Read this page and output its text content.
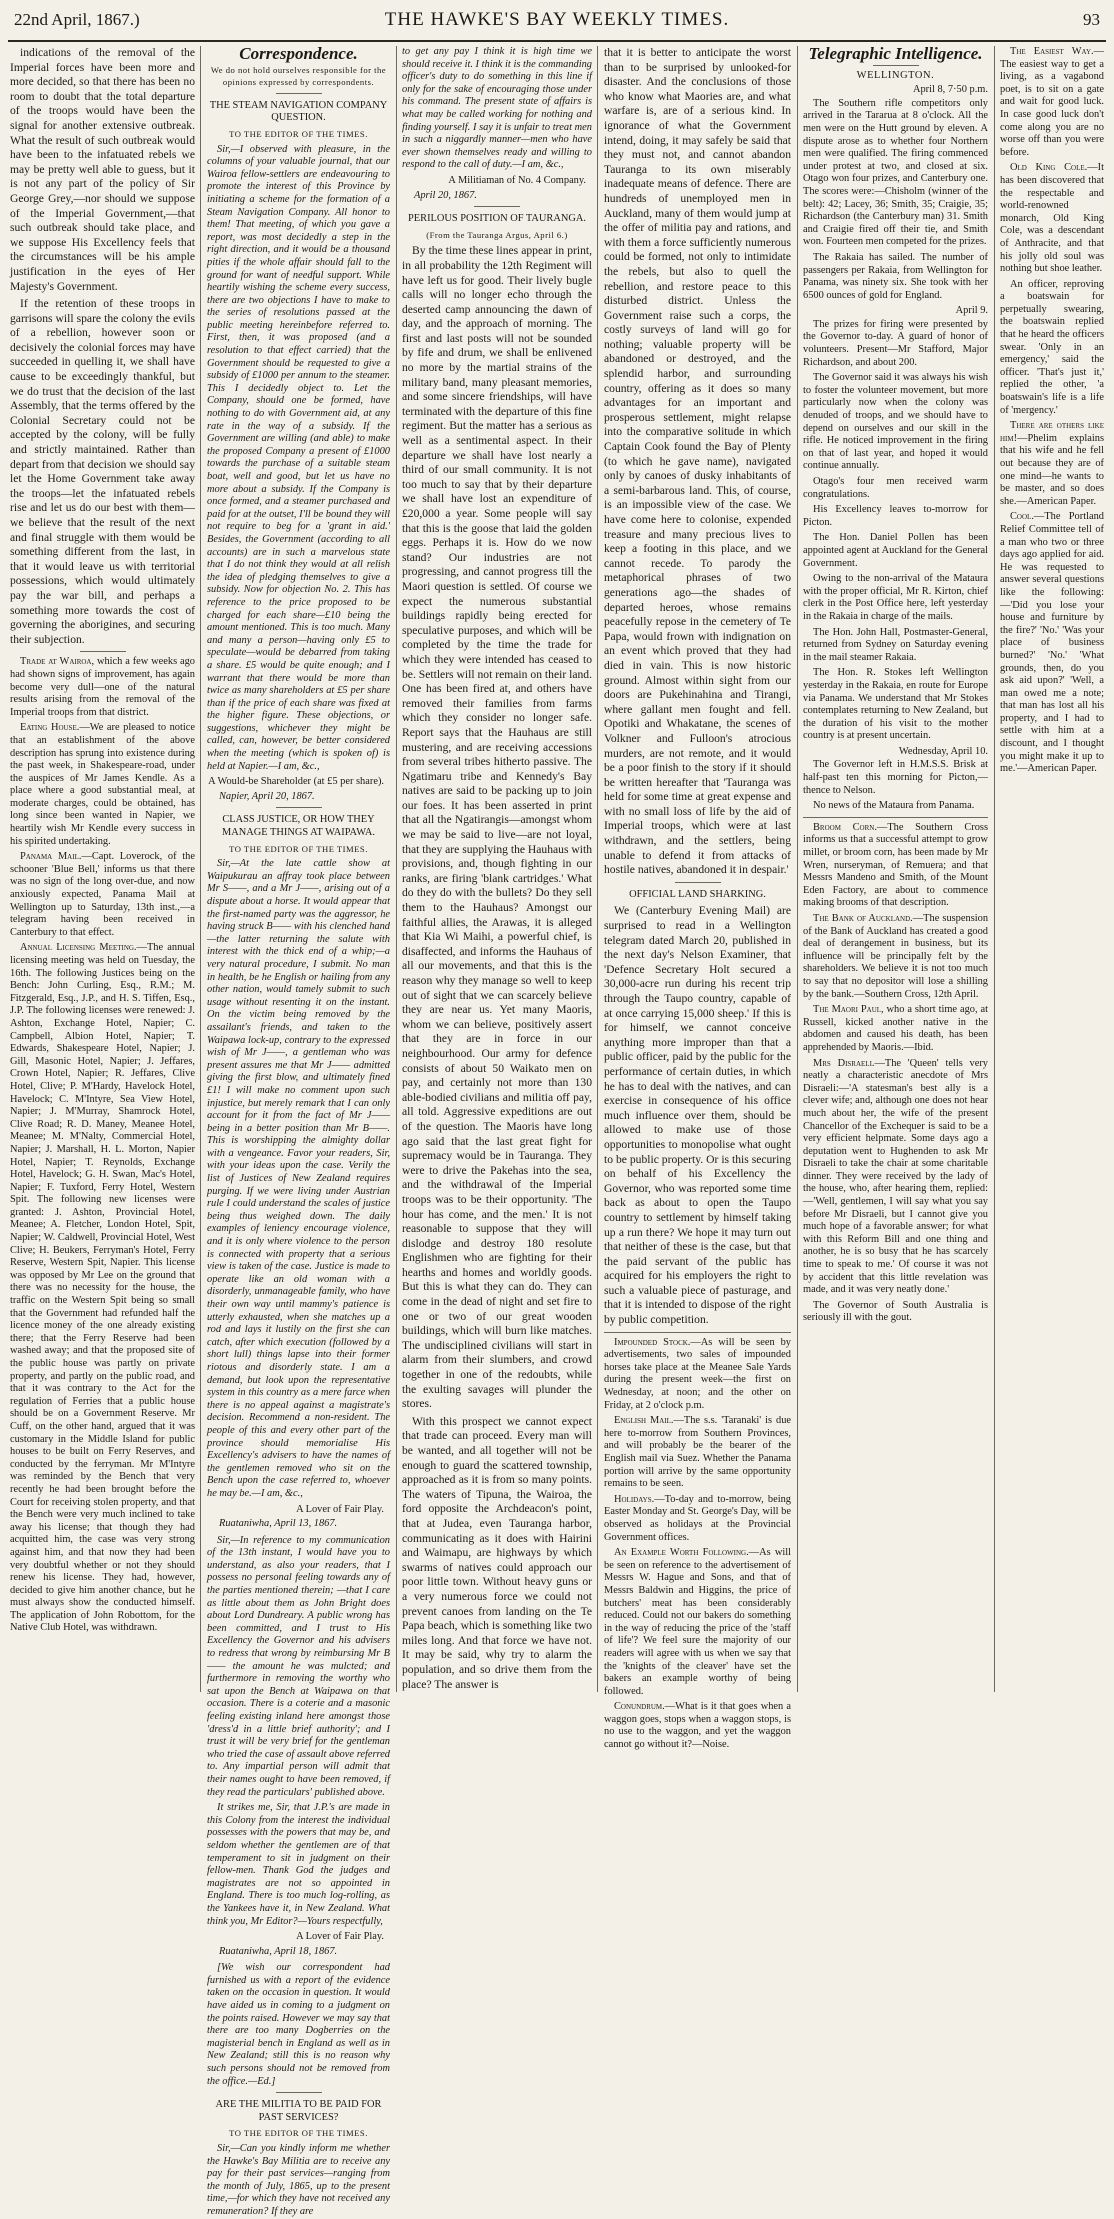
22nd April, 1867.)	THE HAWKE'S BAY WEEKLY TIMES.	93

indications of the removal of the Imperial forces have been more and more decided, so that there has been no room to doubt that the total departure of the troops would have been the signal for another extensive outbreak. What the result of such outbreak would have been to the infatuated rebels we may be pretty well able to guess, but it is not any part of the policy of Sir George Grey,—nor should we suppose of the Imperial Government,—that such outbreak should take place, and we suppose His Excellency feels that the circumstances will be his ample justification in the eyes of Her Majesty's Government.

If the retention of these troops in garrisons will spare the colony the evils of a rebellion, however soon or decisively the colonial forces may have succeeded in quelling it, we shall have cause to be exceedingly thankful, but we do trust that the decision of the last Assembly, that the terms offered by the Colonial Secretary could not be accepted by the colony, will be fully and strictly maintained. Rather than depart from that decision we should say let the Home Government take away the troops—let the infatuated rebels rise and let us do our best with them—we believe that the result of the next and final struggle with them would be something different from the last, in that it would leave us with territorial possessions, which would ultimately pay the war bill, and perhaps a something more towards the cost of governing the aborigines, and securing their subjection.

Trade at Wairoa, which a few weeks ago had shown signs of improvement, has again become very dull—one of the natural results arising from the removal of the Imperial troops from that district.

Eating House.—We are pleased to notice that an establishment of the above description has sprung into existence during the past week, in Shakespeare-road, under the auspices of Mr James Kendle. As a place where a good substantial meal, at moderate charges, could be obtained, has long since been wanted in Napier, we heartily wish Mr Kendle every success in his spirited undertaking.

Panama Mail.—Capt. Loverock, of the schooner 'Blue Bell,' informs us that there was no sign of the long over-due, and now anxiously expected, Panama Mail at Wellington up to Saturday, 13th inst.,—a telegram having been received in Canterbury to that effect.

Annual Licensing Meeting.—The annual licensing meeting was held on Tuesday, the 16th. The following Justices being on the Bench: John Curling, Esq., R.M.; M. Fitzgerald, Esq., J.P., and H. S. Tiffen, Esq., J.P. The following licenses were renewed: J. Ashton, Exchange Hotel, Napier; C. Campbell, Albion Hotel, Napier; T. Edwards, Shakespeare Hotel, Napier; J. Gill, Masonic Hotel, Napier; J. Jeffares, Crown Hotel, Napier; R. Jeffares, Clive Hotel, Clive; P. M'Hardy, Havelock Hotel, Havelock; C. M'Intyre, Sea View Hotel, Napier; J. M'Murray, Shamrock Hotel, Clive Road; R. D. Maney, Meanee Hotel, Meanee; M. M'Nalty, Commercial Hotel, Napier; J. Marshall, H. L. Morton, Napier Hotel, Napier; T. Reynolds, Exchange Hotel, Havelock; G. H. Swan, Mac's Hotel, Napier; F. Tuxford, Ferry Hotel, Western Spit. The following new licenses were granted: J. Ashton, Provincial Hotel, Meanee; A. Fletcher, London Hotel, Spit, Napier; W. Caldwell, Provincial Hotel, West Clive; H. Beukers, Ferryman's Hotel, Ferry Reserve, Western Spit, Napier. This license was opposed by Mr Lee on the ground that there was no necessity for the house, the traffic on the Western Spit being so small that the Government had refunded half the licence money of the one already existing there; that the Ferry Reserve had been washed away; and that the proposed site of the public house was partly on private property, and partly on the public road, and that it was contrary to the Act for the regulation of Ferries that a public house should be on a Government Reserve. Mr Cuff, on the other hand, argued that it was customary in the Middle Island for public houses to be built on Ferry Reserves, and conducted by the ferryman. Mr M'Intyre was reminded by the Bench that very recently he had been brought before the Court for receiving stolen property, and that the Bench were very much inclined to take away his license; that though they had acquitted him, the case was very strong against him, and that now they had been very doubtful whether or not they should renew his license. They had, however, decided to give him another chance, but he must always show the conducted himself. The application of John Robottom, for the Native Club Hotel, was withdrawn.

Correspondence.

We do not hold ourselves responsible for the opinions expressed by correspondents.

THE STEAM NAVIGATION COMPANY QUESTION.

TO THE EDITOR OF THE TIMES.

Sir,—I observed with pleasure, in the columns of your valuable journal, that our Wairoa fellow-settlers are endeavouring to promote the interest of this Province by initiating a scheme for the formation of a Steam Navigation Company. All honor to them! That meeting, of which you gave a report, was most decidedly a step in the right direction, and it would be a thousand pities if the whole affair should fall to the ground for want of needful support. While heartily wishing the scheme every success, there are two objections I have to make to the series of resolutions passed at the public meeting hereinbefore referred to. First, then, it was proposed (and a resolution to that effect carried) that the Government should be requested to give a subsidy of £1000 per annum to the steamer. This I decidedly object to. Let the Company, should one be formed, have nothing to do with Government aid, at any rate in the way of a subsidy. If the Government are willing (and able) to make the proposed Company a present of £1000 towards the purchase of a suitable steam boat, well and good, but let us have no more about a subsidy. If the Company is once formed, and a steamer purchased and paid for at the outset, I'll be bound they will not require to beg for a 'grant in aid.' Besides, the Government (according to all accounts) are in such a marvelous state that I do not think they would at all relish the idea of pledging themselves to give a subsidy. Now for objection No. 2. This has reference to the price proposed to be charged for each share—£10 being the amount mentioned. This is too much. Many and many a person—having only £5 to speculate—would be debarred from taking a share. £5 would be quite enough; and I warrant that there would be more than twice as many shareholders at £5 per share than if the price of each share was fixed at the higher figure. These objections, or suggestions, whichever they might be called, can, however, be better considered when the meeting (which is spoken of) is held at Napier.—I am, &c.,

A Would-be Shareholder (at £5 per share).

Napier, April 20, 1867.

CLASS JUSTICE, OR HOW THEY MANAGE THINGS AT WAIPAWA.

TO THE EDITOR OF THE TIMES.

Sir,—At the late cattle show at Waipukurau an affray took place between Mr S——, and a Mr J——, arising out of a dispute about a horse. It would appear that the first-named party was the aggressor, he having struck B—— with his clenched hand—the latter returning the salute with interest with the thick end of a whip;—a very natural procedure, I submit. No man in health, be he English or hailing from any other nation, would tamely submit to such usage without resenting it on the instant. On the victim being removed by the assailant's friends, and taken to the Waipawa lock-up, contrary to the expressed wish of Mr J——, a gentleman who was present assures me that Mr J—— admitted giving the first blow, and ultimately fined £1! I will make no comment upon such injustice, but merely remark that I can only account for it from the fact of Mr J—— being in a better position than Mr B——. This is worshipping the almighty dollar with a vengeance. Favor your readers, Sir, with your ideas upon the case. Verily the list of Justices of New Zealand requires purging. If we were living under Austrian rule I could understand the scales of justice being thus weighed down. The daily examples of leniency encourage violence, and it is only where violence to the person is connected with property that a serious view is taken of the case. Justice is made to operate like an old woman with a disorderly, unmanageable family, who have their own way until mammy's patience is utterly exhausted, when she matches up a rod and lays it lustily on the first she can catch, after which execution (followed by a short lull) things lapse into their former riotous and disorderly state. I am a demand, but look upon the representative system in this country as a mere farce when there is no appeal against a magistrate's decision. Recommend a non-resident. The people of this and every other part of the province should memorialise His Excellency's advisers to have the names of the gentlemen removed who sit on the Bench upon the case referred to, whoever he may be.—I am, &c.,

A Lover of Fair Play.

Ruataniwha, April 13, 1867.

Sir,—In reference to my communication of the 13th instant, I would have you to understand, as also your readers, that I possess no personal feeling towards any of the parties mentioned therein; —that I care as little about them as John Bright does about Lord Dundreary. A public wrong has been committed, and I trust to His Excellency the Governor and his advisers to redress that wrong by reimbursing Mr B—— the amount he was mulcted; and furthermore in removing the worthy who sat upon the Bench at Waipawa on that occasion. There is a coterie and a masonic feeling existing inland here amongst those 'dress'd in a little brief authority'; and I trust it will be very brief for the gentleman who tried the case of assault above referred to. Any impartial person will admit that their names ought to have been removed, if they read the particulars' published above.

It strikes me, Sir, that J.P.'s are made in this Colony from the interest the individual possesses with the powers that may be, and seldom whether the gentlemen are of that temperament to sit in judgment on their fellow-men. Thank God the judges and magistrates are not so appointed in England. There is too much log-rolling, as the Yankees have it, in New Zealand. What think you, Mr Editor?—Yours respectfully,

A Lover of Fair Play.

Ruataniwha, April 18, 1867.

[We wish our correspondent had furnished us with a report of the evidence taken on the occasion in question. It would have aided us in coming to a judgment on the points raised. However we may say that there are too many Dogberries on the magisterial bench in England as well as in New Zealand; still this is no reason why such persons should not be removed from the office.—Ed.]

ARE THE MILITIA TO BE PAID FOR PAST SERVICES?

TO THE EDITOR OF THE TIMES.

Sir,—Can you kindly inform me whether the Hawke's Bay Militia are to receive any pay for their past services—ranging from the month of July, 1865, up to the present time,—for which they have not received any remuneration? If they are

to get any pay I think it is high time we should receive it. I think it is the commanding officer's duty to do something in this line if only for the sake of encouraging those under his command. The present state of affairs is what may be called working for nothing and finding yourself. I say it is unfair to treat men in such a niggardly manner—men who have ever shown themselves ready and willing to respond to the call of duty.—I am, &c.,

A Militiaman of No. 4 Company.

April 20, 1867.

PERILOUS POSITION OF TAURANGA.

(From the Tauranga Argus, April 6.)

By the time these lines appear in print, in all probability the 12th Regiment will have left us for good. Their lively bugle calls will no longer echo through the deserted camp announcing the dawn of day, and the approach of morning. The first and last posts will not be sounded by fife and drum, we shall be enlivened no more by the martial strains of the military band, many pleasant memories, and some sincere friendships, will have terminated with the departure of this fine regiment. But the matter has a serious as well as a sentimental aspect. In their departure we shall have lost nearly a third of our small community. It is not too much to say that by their departure we shall have lost an expenditure of £20,000 a year. Some people will say that this is the goose that laid the golden eggs. Perhaps it is. How do we now stand? Our industries are not progressing, and cannot progress till the Maori question is settled. Of course we expect the numerous substantial buildings rapidly being erected for speculative purposes, and which will be completed by the time the trade for which they were intended has ceased to be. Settlers will not remain on their land. One has been fired at, and others have removed their families from farms which they consider no longer safe. Report says that the Hauhaus are still mustering, and are receiving accessions from several tribes hitherto passive. The Ngatimaru tribe and Kennedy's Bay natives are said to be packing up to join our foes. It has been asserted in print that all the Ngatirangis—amongst whom we may be said to live—are not loyal, that they are supplying the Hauhaus with provisions, and, though fighting in our ranks, are firing 'blank cartridges.' What do they do with the bullets? Do they sell them to the Hauhaus? Amongst our faithful allies, the Arawas, it is alleged that Kia Wi Maihi, a powerful chief, is disaffected, and informs the Hauhaus of all our movements, and that this is the reason why they manage so well to keep out of sight that we can scarcely believe they are near us. Yet many Maoris, whom we can believe, positively assert that they are in force in our neighbourhood. Our army for defence consists of about 50 Waikato men on pay, and certainly not more than 130 able-bodied civilians and militia off pay, all told. Aggressive expeditions are out of the question. The Maoris have long ago said that the last great fight for supremacy would be in Tauranga. They were to drive the Pakehas into the sea, and the withdrawal of the Imperial troops was to be their opportunity. 'The hour has come, and the men.' It is not reasonable to suppose that they will dislodge and destroy 180 resolute Englishmen who are fighting for their hearths and homes and worldly goods. But this is what they can do. They can come in the dead of night and set fire to one or two of our great wooden buildings, which will burn like matches. The undisciplined civilians will start in alarm from their slumbers, and crowd together in one of the redoubts, while the exulting savages will plunder the stores.

With this prospect we cannot expect that trade can proceed. Every man will be wanted, and all together will not be enough to guard the scattered township, approached as it is from so many points. The waters of Tipuna, the Wairoa, the ford opposite the Archdeacon's point, that at Judea, even Tauranga harbor, communicating as it does with Hairini and Waimapu, are highways by which swarms of natives could approach our poor little town. Without heavy guns or a very numerous force we could not prevent canoes from landing on the Te Papa beach, which is something like two miles long. And that force we have not. It may be said, why try to alarm the population, and so drive them from the place? The answer is

that it is better to anticipate the worst than to be surprised by unlooked-for disaster. And the conclusions of those who know what Maories are, and what warfare is, are of a serious kind. In ignorance of what the Government intend, doing, it may safely be said that they must not, and cannot abandon Tauranga to its own miserably inadequate means of defence. There are hundreds of unemployed men in Auckland, many of them would jump at the offer of militia pay and rations, and with them a force sufficiently numerous could be formed, not only to intimidate the rebels, but also to quell the rebellion, and restore peace to this disturbed district. Unless the Government raise such a corps, the costly surveys of land will go for nothing; valuable property will be abandoned or destroyed, and the splendid harbor, and surrounding country, offering as it does so many advantages for an important and prosperous settlement, might relapse into the comparative solitude in which Captain Cook found the Bay of Plenty (to which he gave name), navigated only by canoes of dusky inhabitants of a semi-barbarous land. This, of course, is an impossible view of the case. We have come here to colonise, expended treasure and many precious lives to keep a footing in this place, and we cannot recede. To parody the metaphorical phrases of two generations ago—the shades of departed heroes, whose remains peacefully repose in the cemetery of Te Papa, would frown with indignation on an event which proved that they had died in vain. This is now historic ground. Almost within sight from our doors are Pukehinahina and Tirangi, where gallant men fought and fell. Opotiki and Whakatane, the scenes of Volkner and Fulloon's atrocious murders, are not remote, and it would be a poor finish to the story if it should be written hereafter that 'Tauranga was held for some time at great expense and with no small loss of life by the aid of Imperial troops, which were at last withdrawn, and the settlers, being unable to defend it from attacks of hostile natives, abandoned it in despair.'

OFFICIAL LAND SHARKING.

We (Canterbury Evening Mail) are surprised to read in a Wellington telegram dated March 20, published in the next day's Nelson Examiner, that 'Defence Secretary Holt secured a 30,000-acre run during his recent trip through the Taupo country, capable of at once carrying 15,000 sheep.' If this is for himself, we cannot conceive anything more improper than that a public officer, paid by the public for the performance of certain duties, in which he has to deal with the natives, and can exercise in consequence of his office much influence over them, should be allowed to make use of those opportunities to monopolise what ought to be public property. Or is this securing on behalf of his Excellency the Governor, who was reported some time back as about to open the Taupo country to settlement by himself taking up a run there? We hope it may turn out that neither of these is the case, but that the paid servant of the public has acquired for his employers the right to such a valuable piece of pasturage, and that it is intended to dispose of the right by public competition.

Impounded Stock.—As will be seen by advertisements, two sales of impounded horses take place at the Meanee Sale Yards during the present week—the first on Wednesday, at noon; and the other on Friday, at 2 o'clock p.m.

English Mail.—The s.s. 'Taranaki' is due here to-morrow from Southern Provinces, and will probably be the bearer of the English mail via Suez. Whether the Panama portion will arrive by the same opportunity remains to be seen.

Holidays.—To-day and to-morrow, being Easter Monday and St. George's Day, will be observed as holidays at the Provincial Government offices.

An Example Worth Following.—As will be seen on reference to the advertisement of Messrs W. Hague and Sons, and that of Messrs Baldwin and Higgins, the price of butchers' meat has been considerably reduced. Could not our bakers do something in the way of reducing the price of the 'staff of life'? We feel sure the majority of our readers will agree with us when we say that the 'knights of the cleaver' have set the bakers an example worthy of being followed.

Conundrum.—What is it that goes when a waggon goes, stops when a waggon stops, is no use to the waggon, and yet the waggon cannot go without it?—Noise.

Telegraphic Intelligence.

WELLINGTON.

April 8, 7·50 p.m.

The Southern rifle competitors only arrived in the Tararua at 8 o'clock. All the men were on the Hutt ground by eleven. A dispute arose as to whether four Northern men were qualified. The firing commenced under protest at two, and closed at six. Otago won four prizes, and Canterbury one. The scores were:—Chisholm (winner of the belt): 42; Lacey, 36; Smith, 35; Craigie, 35; Richardson (the Canterbury man) 31. Smith and Craigie fired off their tie, and Smith won. Fourteen men competed for the prizes.

The Rakaia has sailed. The number of passengers per Rakaia, from Wellington for Panama, was ninety six. She took with her 6500 ounces of gold for England.

April 9.

The prizes for firing were presented by the Governor to-day. A guard of honor of volunteers. Present—Mr Stafford, Major Richardson, and about 200.

The Governor said it was always his wish to foster the volunteer movement, but more particularly now when the colony was denuded of troops, and we should have to depend on ourselves and our skill in the rifle. He noticed improvement in the firing on that of last year, and hoped it would continue annually.

Otago's four men received warm congratulations.

His Excellency leaves to-morrow for Picton.

The Hon. Daniel Pollen has been appointed agent at Auckland for the General Government.

Owing to the non-arrival of the Mataura with the proper official, Mr R. Kirton, chief clerk in the Post Office here, left yesterday in the Rakaia in charge of the mails.

The Hon. John Hall, Postmaster-General, returned from Sydney on Saturday evening in the mail steamer Rakaia.

The Hon. R. Stokes left Wellington yesterday in the Rakaia, en route for Europe via Panama. We understand that Mr Stokes contemplates returning to New Zealand, but the duration of his visit to the mother country is at present uncertain.

Wednesday, April 10.

The Governor left in H.M.S.S. Brisk at half-past ten this morning for Picton,—thence to Nelson.

No news of the Mataura from Panama.

Broom Corn.—The Southern Cross informs us that a successful attempt to grow millet, or broom corn, has been made by Mr Wren, nurseryman, of Remuera; and that Messrs Mandeno and Smith, of the Mount Eden Factory, are about to commence making brooms of that description.

The Bank of Auckland.—The suspension of the Bank of Auckland has created a good deal of derangement in business, but its influence will be principally felt by the shareholders. We believe it is not too much to say that no depositor will lose a shilling by the bank.—Southern Cross, 12th April.

The Maori Paul, who a short time ago, at Russell, kicked another native in the abdomen and caused his death, has been apprehended by Maoris.—Ibid.

Mrs Disraeli.—The 'Queen' tells very neatly a characteristic anecdote of Mrs Disraeli:—'A statesman's best ally is a clever wife; and, although one does not hear much about her, the wife of the present Chancellor of the Exchequer is said to be a very efficient helpmate. Some days ago a deputation went to Hughenden to ask Mr Disraeli to take the chair at some charitable dinner. They were received by the lady of the house, who, after hearing them, replied:—'Well, gentlemen, I will say what you say before Mr Disraeli, but I cannot give you much hope of a favorable answer; for what with this Reform Bill and one thing and another, he is so busy that he has scarcely time to speak to me.' Of course it was not by accident that this little revelation was made, and it was very neatly done.'

The Governor of South Australia is seriously ill with the gout.

The Easiest Way.—The easiest way to get a living, as a vagabond poet, is to sit on a gate and wait for good luck. In case good luck don't come along you are no worse off than you were before.

Old King Cole.—It has been discovered that the respectable and world-renowned monarch, Old King Cole, was a descendant of Anthracite, and that his jolly old soul was nothing but shoe leather.

An officer, reproving a boatswain for perpetually swearing, the boatswain replied that he heard the officers swear. 'Only in an emergency,' said the officer. 'That's just it,' replied the other, 'a boatswain's life is a life of 'mergency.'

There are others like him!—Phelim explains that his wife and he fell out because they are of one mind—he wants to be master, and so does she.—American Paper.

Cool.—The Portland Relief Committee tell of a man who two or three days ago applied for aid. He was requested to answer several questions like the following: —'Did you lose your house and furniture by the fire?' 'No.' 'Was your place of business burned?' 'No.' 'What grounds, then, do you ask aid upon?' 'Well, a man owed me a note; that man has lost all his property, and I had to settle with him at a discount, and I thought you might make it up to me.'—American Paper.
